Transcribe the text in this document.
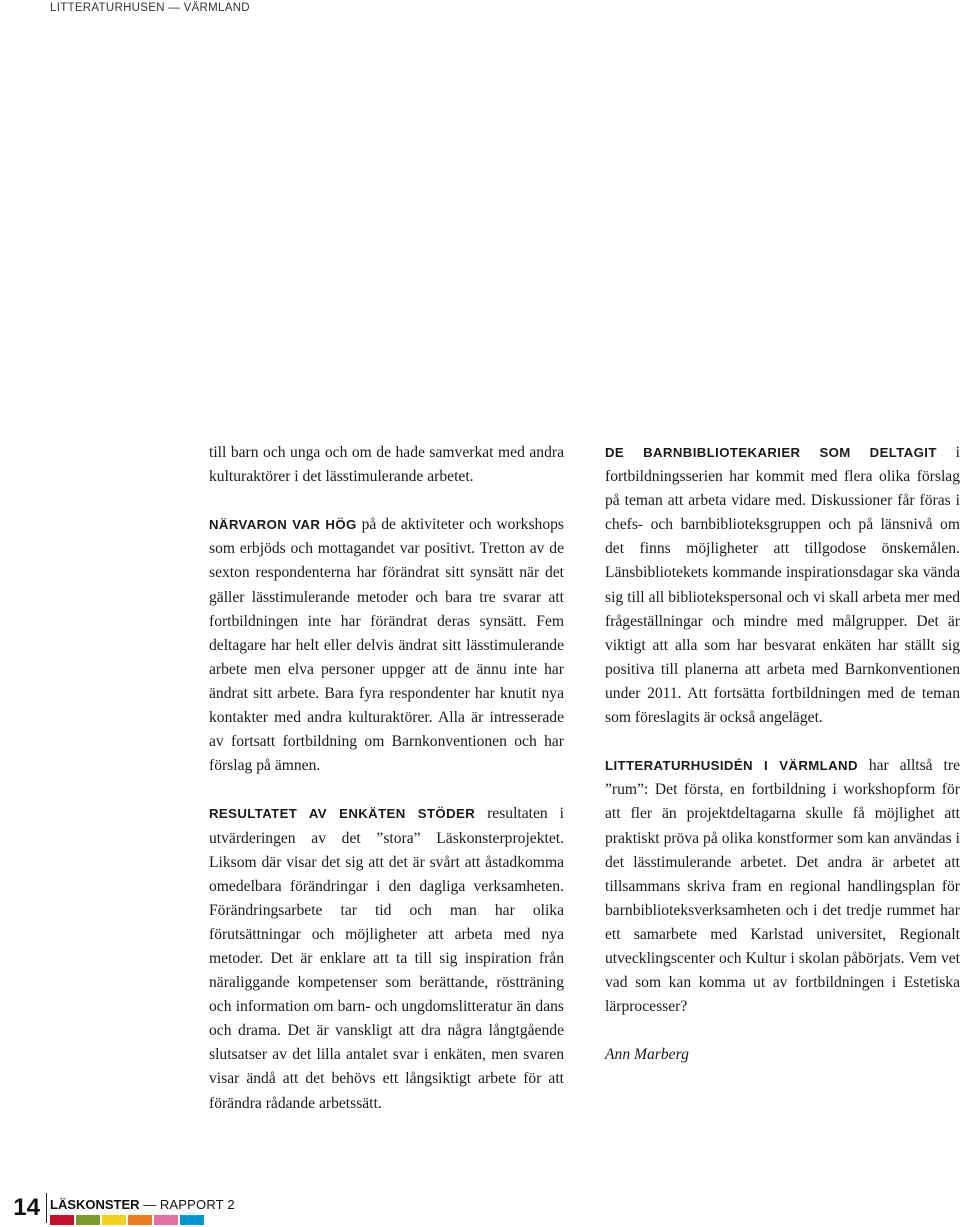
LITTERATURHUSEN — VÄRMLAND

till barn och unga och om de hade samverkat med andra kulturaktörer i det lässtimulerande arbetet.

NÄRVARON VAR HÖG på de aktiviteter och workshops som erbjöds och mottagandet var positivt. Tretton av de sexton respondenterna har förändrat sitt synsätt när det gäller lässtimulerande metoder och bara tre svarar att fortbildningen inte har förändrat deras synsätt. Fem deltagare har helt eller delvis ändrat sitt lässtimulerande arbete men elva personer uppger att de ännu inte har ändrat sitt arbete. Bara fyra respondenter har knutit nya kontakter med andra kulturaktörer. Alla är intresserade av fortsatt fortbildning om Barnkonventionen och har förslag på ämnen.

RESULTATET AV ENKÄTEN STÖDER resultaten i utvärderingen av det ”stora” Läskonsterprojektet. Liksom där visar det sig att det är svårt att åstadkomma omedelbara förändringar i den dagliga verksamheten. Förändringsarbete tar tid och man har olika förutsättningar och möjligheter att arbeta med nya metoder. Det är enklare att ta till sig inspiration från näraliggande kompetenser som berättande, röstträning och information om barn- och ungdomslitteratur än dans och drama. Det är vanskligt att dra några långtgående slutsatser av det lilla antalet svar i enkäten, men svaren visar ändå att det behövs ett långsiktigt arbete för att förändra rådande arbetssätt.

DE BARNBIBLIOTEKARIER SOM DELTAGIT i fortbildningsserien har kommit med flera olika förslag på teman att arbeta vidare med. Diskussioner får föras i chefs- och barnbiblioteksgruppen och på länsnivå om det finns möjligheter att tillgodose önskemålen. Länsbibliotekets kommande inspirationsdagar ska vända sig till all bibliotekspersonal och vi skall arbeta mer med frågeställningar och mindre med målgrupper. Det är viktigt att alla som har besvarat enkäten har ställt sig positiva till planerna att arbeta med Barnkonventionen under 2011. Att fortsätta fortbildningen med de teman som föreslagits är också angeläget.

LITTERATURHUSIDÉN I VÄRMLAND har alltså tre ”rum”: Det första, en fortbildning i workshopform för att fler än projektdeltagarna skulle få möjlighet att praktiskt pröva på olika konstformer som kan användas i det lässtimulerande arbetet. Det andra är arbetet att tillsammans skriva fram en regional handlingsplan för barnbiblioteksverksamheten och i det tredje rummet har ett samarbete med Karlstad universitet, Regionalt utvecklingscenter och Kultur i skolan påbörjats. Vem vet vad som kan komma ut av fortbildningen i Estetiska lärprocesser?

Ann Marberg

14 LÄSKONSTER — RAPPORT 2
